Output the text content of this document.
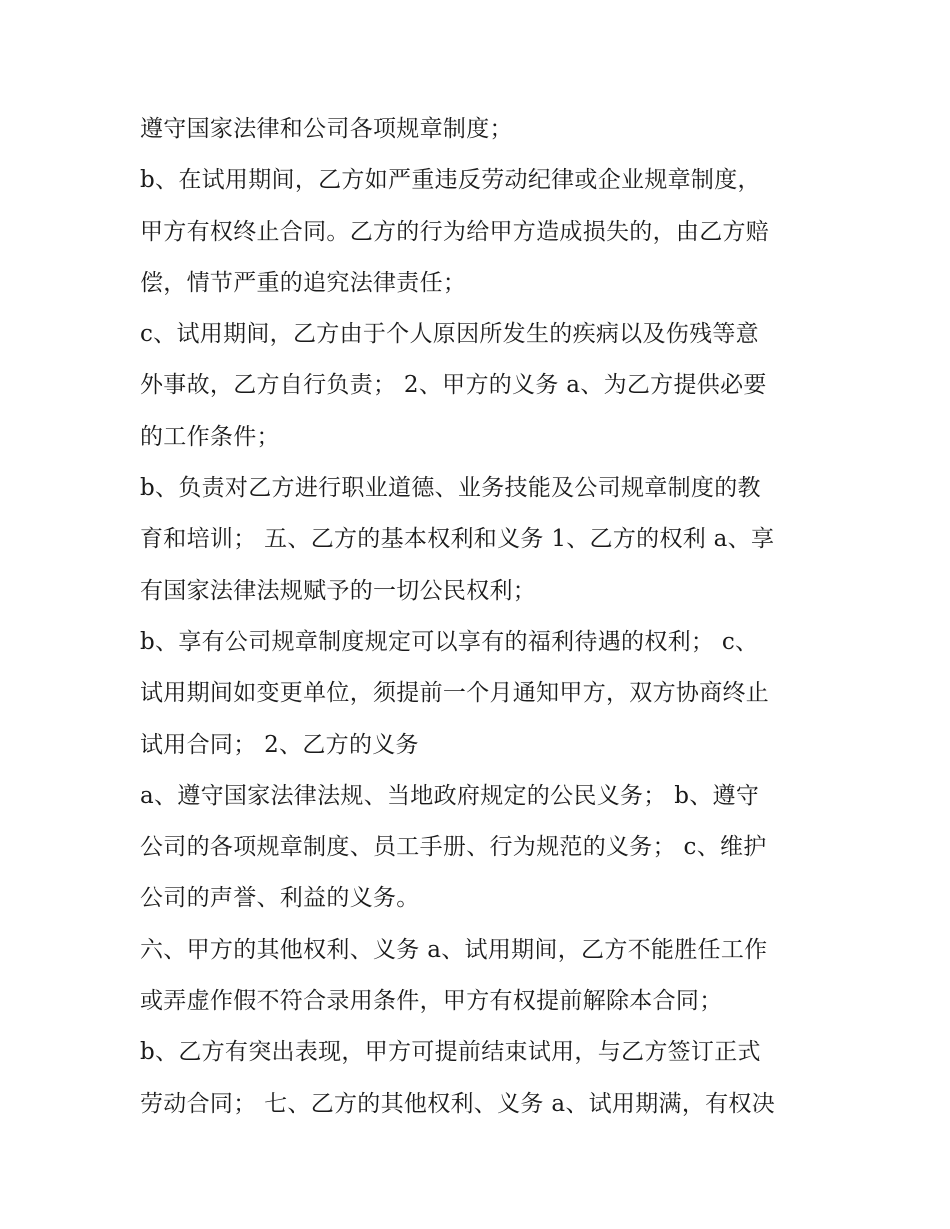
遵守国家法律和公司各项规章制度；
b、在试用期间，乙方如严重违反劳动纪律或企业规章制度，
甲方有权终止合同。乙方的行为给甲方造成损失的，由乙方赔
偿，情节严重的追究法律责任；
c、试用期间，乙方由于个人原因所发生的疾病以及伤残等意
外事故，乙方自行负责； 2、甲方的义务 a、为乙方提供必要
的工作条件；
b、负责对乙方进行职业道德、业务技能及公司规章制度的教
育和培训； 五、乙方的基本权利和义务 1、乙方的权利 a、享
有国家法律法规赋予的一切公民权利；
b、享有公司规章制度规定可以享有的福利待遇的权利； c、
试用期间如变更单位，须提前一个月通知甲方，双方协商终止
试用合同； 2、乙方的义务
a、遵守国家法律法规、当地政府规定的公民义务； b、遵守
公司的各项规章制度、员工手册、行为规范的义务； c、维护
公司的声誉、利益的义务。
六、甲方的其他权利、义务 a、试用期间，乙方不能胜任工作
或弄虚作假不符合录用条件，甲方有权提前解除本合同；
b、乙方有突出表现，甲方可提前结束试用，与乙方签订正式
劳动合同； 七、乙方的其他权利、义务 a、试用期满，有权决
